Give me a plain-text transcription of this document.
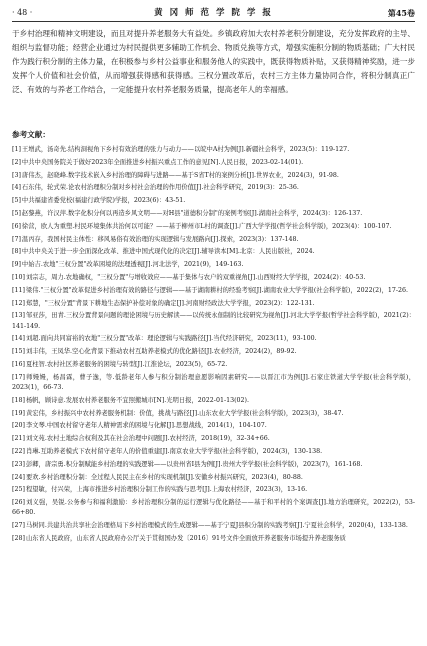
· 48 ·	黄 冈 师 范 学 院 学 报	第45卷

于乡村治理和精神文明建设，而且对提升养老服务大有益处。乡镇政府加大农村养老积分制建设，充分发挥政府的主导、组织与监督功能；经营企业通过为村民提供更多辅助工作机会、物质兑换等方式，增强实施积分制的物质基础；广大村民作为践行积分制的主体力量，在积极参与乡村公益事业和服务他人的实践中，既获得物质补贴，又获得精神奖励，进一步发挥个人价值和社会价值，从而增强获得感和获得感。三权分置改革后，农村三方主体力量协同合作，将积分制真正广泛、有效的与养老工作结合，一定能提升农村养老服务质量，提高老年人的幸福感。

参考文献：
[1]王增武，汤奇先.结构洞视角下乡村有效治理的张力与动力——以皖中A村为例[J].新疆社会科学，2023(5)：119-127.
[2]中共中央国务院关于做好2023年全面推进乡村振兴重点工作的意见[N].人民日报，2023-02-14(01).
[3]唐伟杰，赵晓峰.数字技术嵌入乡村治理的障碍与进路——基于S省T村的案例分析[J].世界农业，2024(3)，91-98.
[4]石东伟，轮式荣.论农村治理积分制对乡村社会治理的作用价值[J].社会科学研究，2019(3)：25-36.
[5]中共福建省委党校(福建行政学院)学报，2023(6)：43-51.
[5]赵黎燕，许汉萍.数字化积分何以再造乡风文明——对H县"道德积分制"的案例考察[J].湖南社会科学，2024(3)：126-137.
[6]徐营，欧人为重塑.村民环境集体共治何以可能？——基于柳州市L村的调查[J].广西大学学报(哲学社会科学版)，2023(4)：100-107.
[7]温丙存，我国村民主体性：移风易俗有效治理的实现逻辑与发展路向[J].探索，2023(3)：137-148.
[8]中共中央关于进一步全面深化改革、推进中国式现代化的决定[J].辅导读本[M].北京：人民出版社，2024.
[9]中始吉.农地"三权分置"改革困境的法理透视[J].河北法学，2021(9)，149-163.
[10]刘宗志，周力.农地确权，"三权分置"与增收效应——基于集体与农户的双重视角[J].山西财经大学学报，2024(2)：40-53.
[11]梁伟."三权分置"改革促进乡村治理有效的路径与逻辑——基于湖南耕村的经验考察[J].湖南农业大学学报(社会科学版)，2022(2)，17-26.
[12]郑慧，"三权分置"背景下耕地生态保护补偿对象的确定[J].河南财经政法大学学报，2023(2)：122-131.
[13]邹亚莎，田青.三权分置背景问题的理论困境与历史解读——以传统永佃制的比较研究为视角[J].河北大学学报(哲学社会科学版)，2021(2)：141-149.
[14]刘超.面向共同富裕的农地"三权分置"改革：理论逻辑与实践路径[J].当代经济研究，2023(11)，93-100.
[15]刘丰伟，王凤华.空心化背景下推动农村互助养老模式的优化路径[J].农业经济，2024(2)，89-92.
[16]夏柱智.农村社区养老服务的困境与转型[J].江淮论坛，2023(5)，65-72.
[17]师嫚嫚，杨昌霖，曹子逸，等.低龄老年人参与积分制治理意愿影响因素研究——以晋江市为例[J].石家庄铁道大学学报(社会科学版)，2023(1)，66-73.
[18]杨帆，顾诗意.发展农村养老服务不宜照搬城市[N].光明日报，2022-01-13(02).
[19]黄宏伟，乡村振兴中农村养老服务机制：价值，挑战与路径[J].山东农业大学学报(社会科学版)，2023(3)，38-47.
[20]李文琴.中国农村留守老年人精神需求的困境与化解[J].思想战线，2014(1)，104-107.
[21]刘文苑.农村土地综合权利及其在社会治理中问题[J].农村经济，2018(19)，32-34+66.
[22]肖琳.互助养老模式下农村留守老年人的价值重建[J].南京农业大学学报(社会科学版)，2024(3)，130-138.
[23]彭卿，唐宗勇.积分制赋能乡村治理的实践逻辑——以贵州省I县为例[J].贵州大学学报(社会科学版)，2023(7)，161-168.
[24]要欢.乡村治理积分制：全过程人民民主在乡村的实现机制[J].安徽乡村振兴研究，2023(4)，80-88.
[25]程望敏，付兴荣，上海市推进乡村治理积分制工作的实践与思考[J].上海农村经济，2023(3)，13-16.
[26]刘义强，吴锐.公务参与和福利激励：乡村治理积分制的运行逻辑与优化路径——基于和平村的个案调查[J].地方治理研究，2022(2)，53-66+80.
[27]马树同.共建共治共享社会治理格局下乡村治理模式的生成逻辑——基于宁夏J县积分制的实践考察[J].宁夏社会科学，2020(4)，133-138.
[28]山东省人民政府，山东省人民政府办公厅关于贯彻国办发〔2016〕91号文件全面放开养老服务市场提升养老服务质
